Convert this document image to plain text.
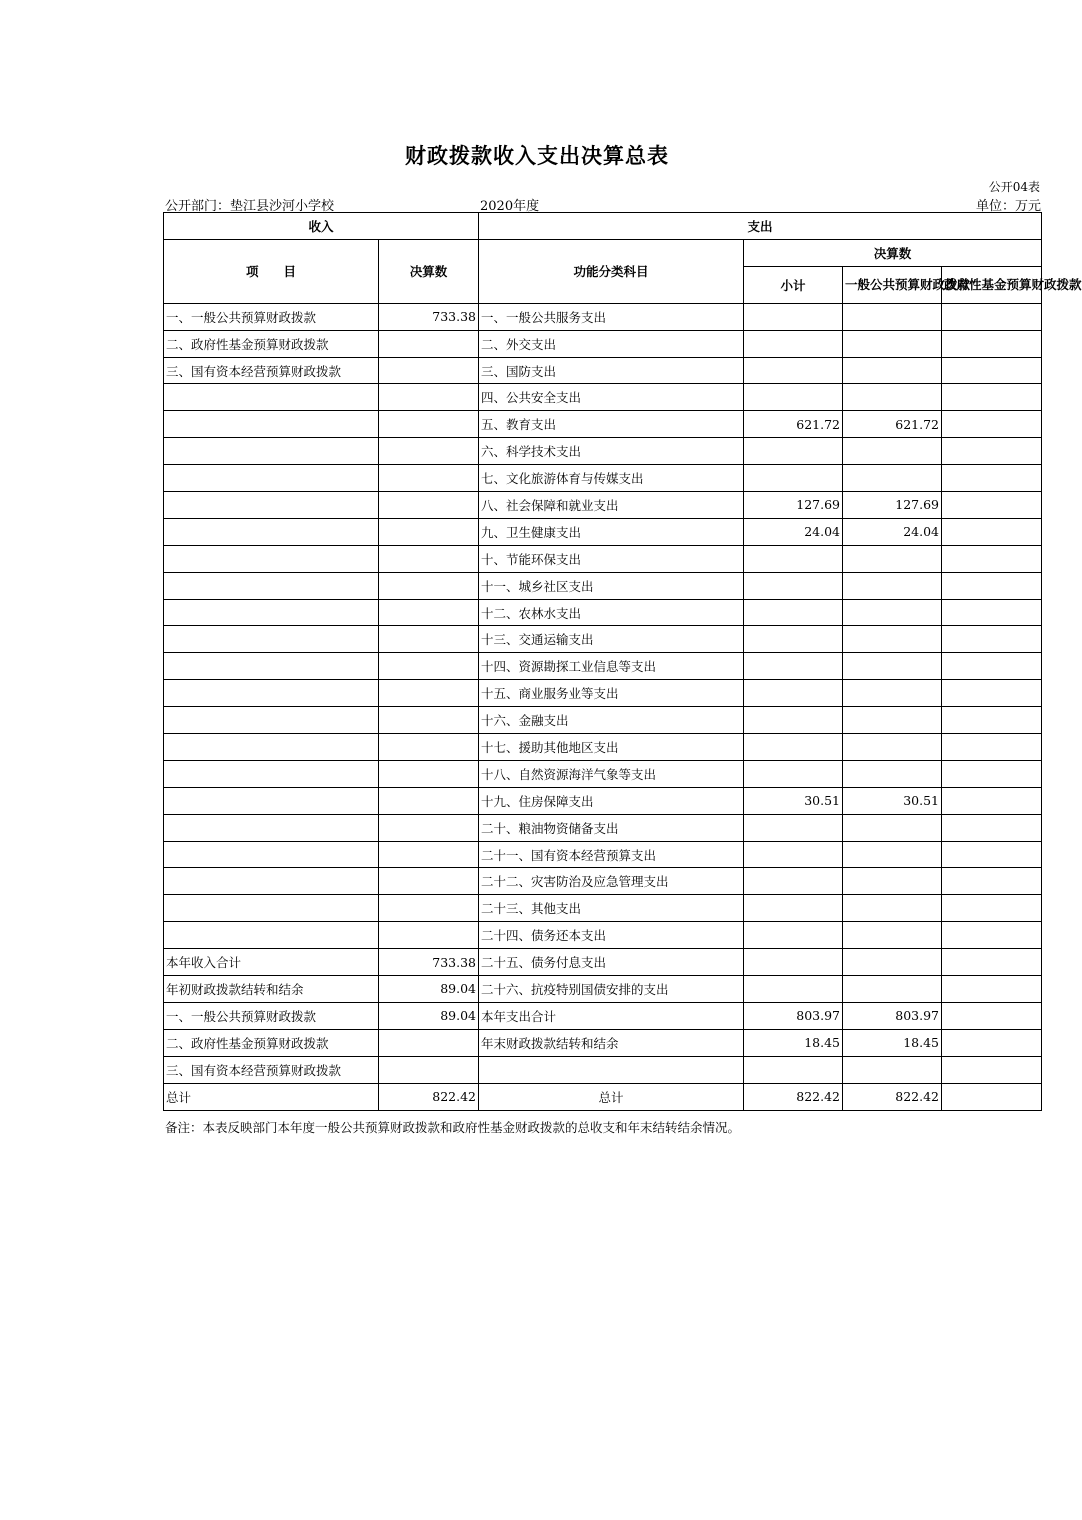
财政拨款收入支出决算总表
公开04表
公开部门：垫江县沙河小学校	2020年度	单位：万元
收入		支出			
项　　目	决算数	功能分类科目	决算数		
			小计	一般公共预算财政拨款	政府性基金预算财政拨款
一、一般公共预算财政拨款	733.38	一、一般公共服务支出			
二、政府性基金预算财政拨款		二、外交支出			
三、国有资本经营预算财政拨款		三、国防支出			
		四、公共安全支出			
		五、教育支出	621.72	621.72	
		六、科学技术支出			
		七、文化旅游体育与传媒支出			
		八、社会保障和就业支出	127.69	127.69	
		九、卫生健康支出	24.04	24.04	
		十、节能环保支出			
		十一、城乡社区支出			
		十二、农林水支出			
		十三、交通运输支出			
		十四、资源勘探工业信息等支出			
		十五、商业服务业等支出			
		十六、金融支出			
		十七、援助其他地区支出			
		十八、自然资源海洋气象等支出			
		十九、住房保障支出	30.51	30.51	
		二十、粮油物资储备支出			
		二十一、国有资本经营预算支出			
		二十二、灾害防治及应急管理支出			
		二十三、其他支出			
		二十四、债务还本支出			
本年收入合计	733.38	二十五、债务付息支出			
年初财政拨款结转和结余	89.04	二十六、抗疫特别国债安排的支出			
一、一般公共预算财政拨款	89.04	本年支出合计	803.97	803.97	
二、政府性基金预算财政拨款		年末财政拨款结转和结余	18.45	18.45	
三、国有资本经营预算财政拨款					
总计	822.42	总计	822.42	822.42	
备注：本表反映部门本年度一般公共预算财政拨款和政府性基金财政拨款的总收支和年末结转结余情况。
